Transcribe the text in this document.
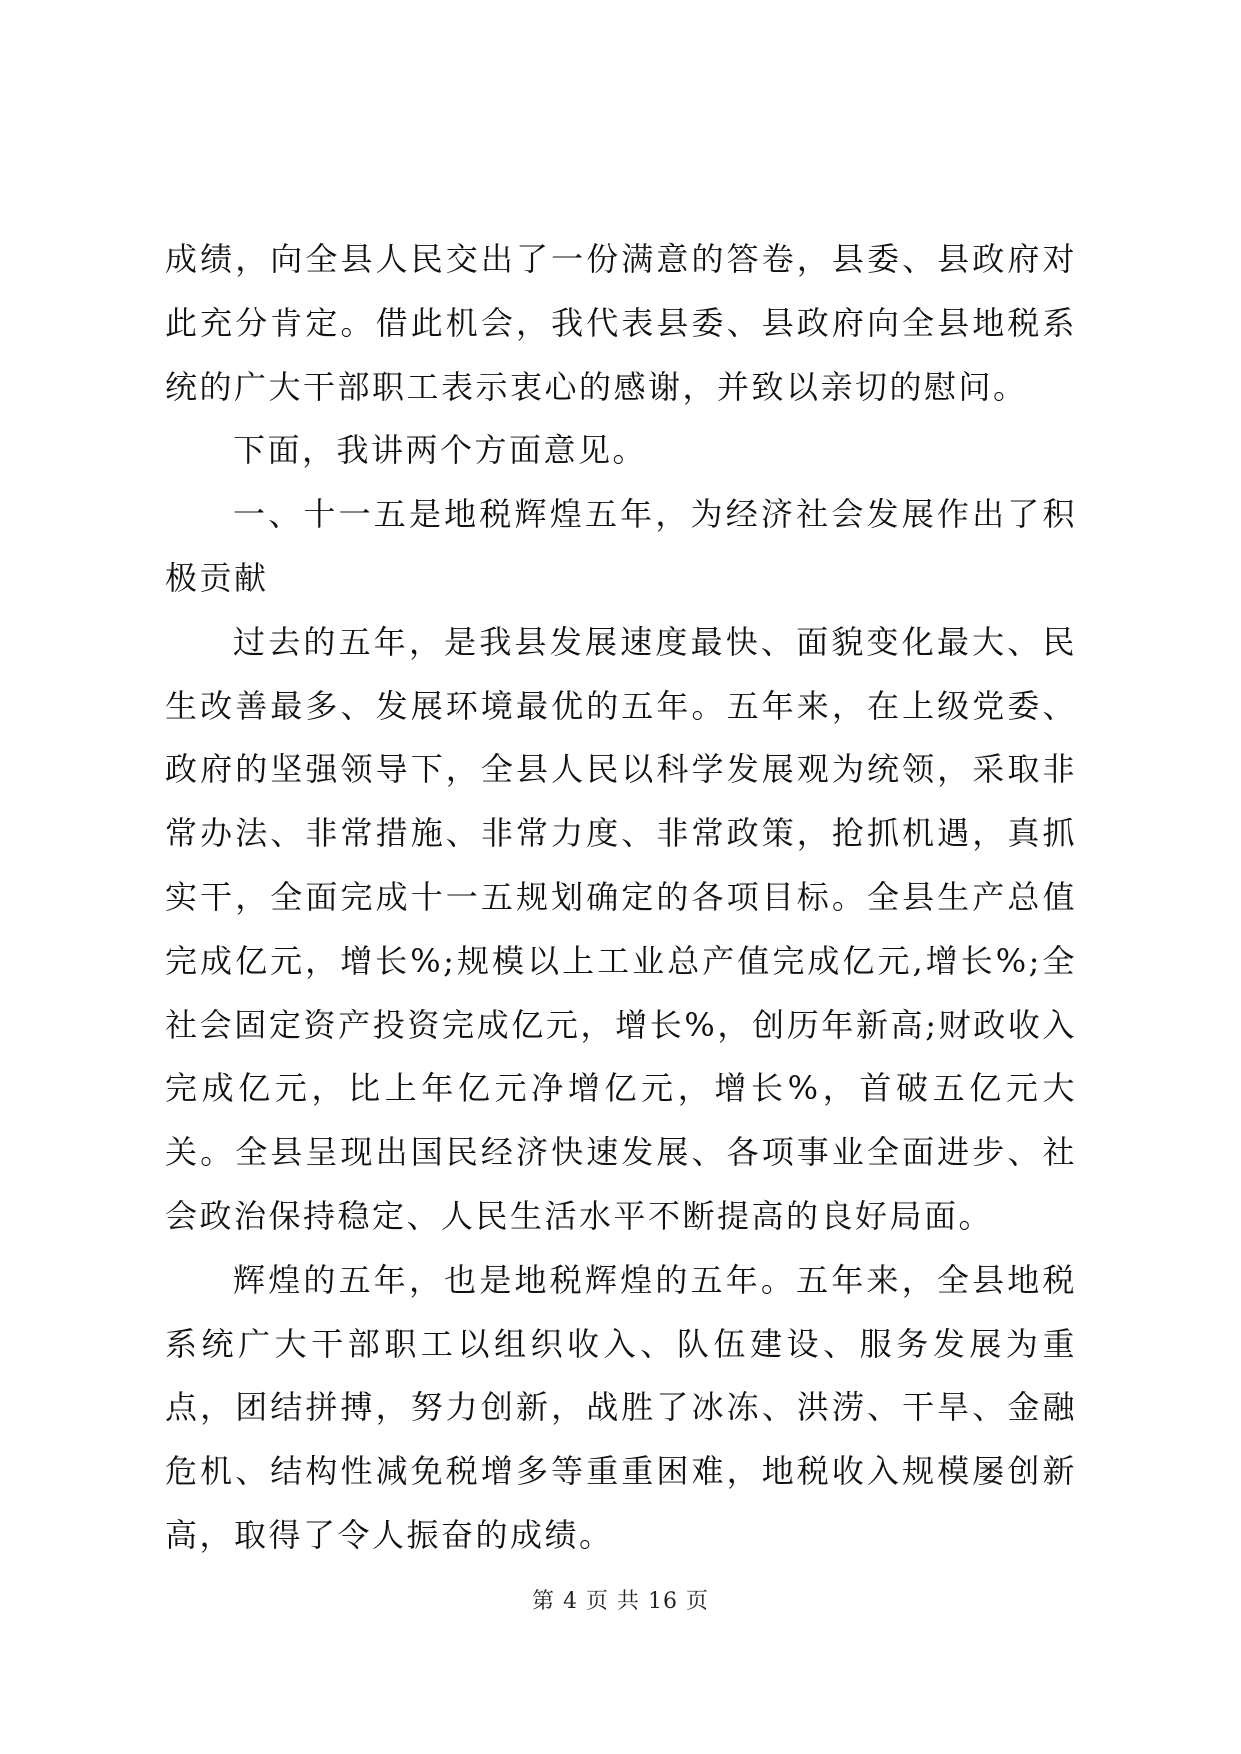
成绩，向全县人民交出了一份满意的答卷，县委、县政府对此充分肯定。借此机会，我代表县委、县政府向全县地税系统的广大干部职工表示衷心的感谢，并致以亲切的慰问。

下面，我讲两个方面意见。

一、十一五是地税辉煌五年，为经济社会发展作出了积极贡献

过去的五年，是我县发展速度最快、面貌变化最大、民生改善最多、发展环境最优的五年。五年来，在上级党委、政府的坚强领导下，全县人民以科学发展观为统领，采取非常办法、非常措施、非常力度、非常政策，抢抓机遇，真抓实干，全面完成十一五规划确定的各项目标。全县生产总值完成亿元，增长%;规模以上工业总产值完成亿元,增长%;全社会固定资产投资完成亿元，增长%，创历年新高;财政收入完成亿元，比上年亿元净增亿元，增长%，首破五亿元大关。全县呈现出国民经济快速发展、各项事业全面进步、社会政治保持稳定、人民生活水平不断提高的良好局面。

辉煌的五年，也是地税辉煌的五年。五年来，全县地税系统广大干部职工以组织收入、队伍建设、服务发展为重点，团结拼搏，努力创新，战胜了冰冻、洪涝、干旱、金融危机、结构性减免税增多等重重困难，地税收入规模屡创新高，取得了令人振奋的成绩。

第 4 页 共 16 页
